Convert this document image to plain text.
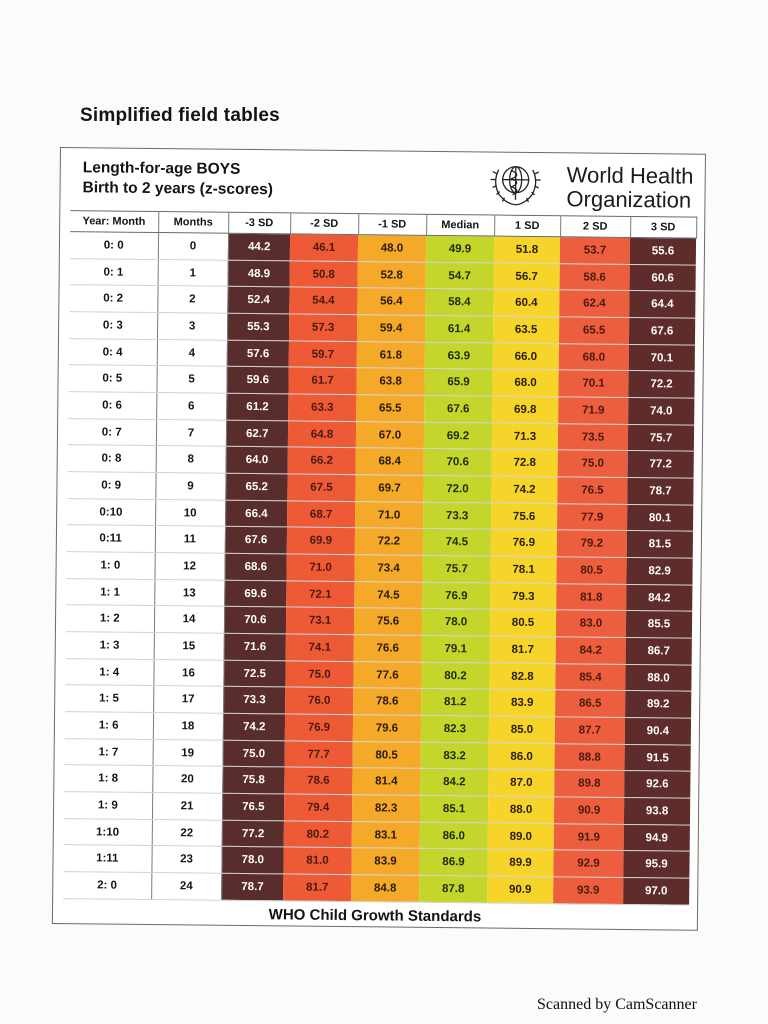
Simplified field tables
Length-for-age BOYS
Birth to 2 years (z-scores)
World Health
Organization
Year: Month	Months	-3 SD	-2 SD	-1 SD	Median	1 SD	2 SD	3 SD
0: 0	0	44.2	46.1	48.0	49.9	51.8	53.7	55.6
0: 1	1	48.9	50.8	52.8	54.7	56.7	58.6	60.6
0: 2	2	52.4	54.4	56.4	58.4	60.4	62.4	64.4
0: 3	3	55.3	57.3	59.4	61.4	63.5	65.5	67.6
0: 4	4	57.6	59.7	61.8	63.9	66.0	68.0	70.1
0: 5	5	59.6	61.7	63.8	65.9	68.0	70.1	72.2
0: 6	6	61.2	63.3	65.5	67.6	69.8	71.9	74.0
0: 7	7	62.7	64.8	67.0	69.2	71.3	73.5	75.7
0: 8	8	64.0	66.2	68.4	70.6	72.8	75.0	77.2
0: 9	9	65.2	67.5	69.7	72.0	74.2	76.5	78.7
0:10	10	66.4	68.7	71.0	73.3	75.6	77.9	80.1
0:11	11	67.6	69.9	72.2	74.5	76.9	79.2	81.5
1: 0	12	68.6	71.0	73.4	75.7	78.1	80.5	82.9
1: 1	13	69.6	72.1	74.5	76.9	79.3	81.8	84.2
1: 2	14	70.6	73.1	75.6	78.0	80.5	83.0	85.5
1: 3	15	71.6	74.1	76.6	79.1	81.7	84.2	86.7
1: 4	16	72.5	75.0	77.6	80.2	82.8	85.4	88.0
1: 5	17	73.3	76.0	78.6	81.2	83.9	86.5	89.2
1: 6	18	74.2	76.9	79.6	82.3	85.0	87.7	90.4
1: 7	19	75.0	77.7	80.5	83.2	86.0	88.8	91.5
1: 8	20	75.8	78.6	81.4	84.2	87.0	89.8	92.6
1: 9	21	76.5	79.4	82.3	85.1	88.0	90.9	93.8
1:10	22	77.2	80.2	83.1	86.0	89.0	91.9	94.9
1:11	23	78.0	81.0	83.9	86.9	89.9	92.9	95.9
2: 0	24	78.7	81.7	84.8	87.8	90.9	93.9	97.0
WHO Child Growth Standards
Scanned by CamScanner
